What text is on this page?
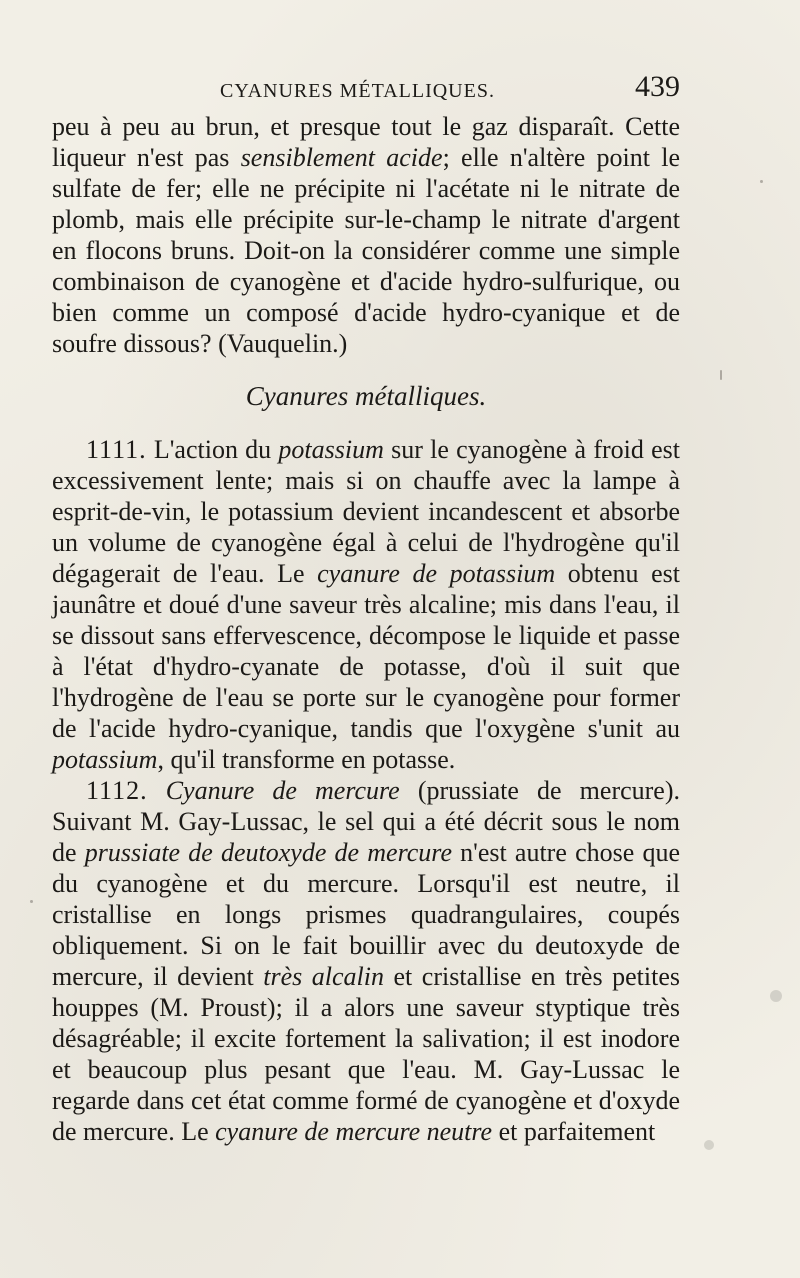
CYANURES MÉTALLIQUES.	439

peu à peu au brun, et presque tout le gaz disparaît. Cette liqueur n'est pas sensiblement acide; elle n'altère point le sulfate de fer; elle ne précipite ni l'acétate ni le nitrate de plomb, mais elle précipite sur-le-champ le nitrate d'argent en flocons bruns. Doit-on la considérer comme une simple combinaison de cyanogène et d'acide hydro-sulfurique, ou bien comme un composé d'acide hydro-cyanique et de soufre dissous? (Vauquelin.)

Cyanures métalliques.

1111. L'action du potassium sur le cyanogène à froid est excessivement lente; mais si on chauffe avec la lampe à esprit-de-vin, le potassium devient incandescent et absorbe un volume de cyanogène égal à celui de l'hydrogène qu'il dégagerait de l'eau. Le cyanure de potassium obtenu est jaunâtre et doué d'une saveur très alcaline; mis dans l'eau, il se dissout sans effervescence, décompose le liquide et passe à l'état d'hydro-cyanate de potasse, d'où il suit que l'hydrogène de l'eau se porte sur le cyanogène pour former de l'acide hydro-cyanique, tandis que l'oxygène s'unit au potassium, qu'il transforme en potasse.

1112. Cyanure de mercure (prussiate de mercure). Suivant M. Gay-Lussac, le sel qui a été décrit sous le nom de prussiate de deutoxyde de mercure n'est autre chose que du cyanogène et du mercure. Lorsqu'il est neutre, il cristallise en longs prismes quadrangulaires, coupés obliquement. Si on le fait bouillir avec du deutoxyde de mercure, il devient très alcalin et cristallise en très petites houppes (M. Proust); il a alors une saveur styptique très désagréable; il excite fortement la salivation; il est inodore et beaucoup plus pesant que l'eau. M. Gay-Lussac le regarde dans cet état comme formé de cyanogène et d'oxyde de mercure. Le cyanure de mercure neutre et parfaitement
